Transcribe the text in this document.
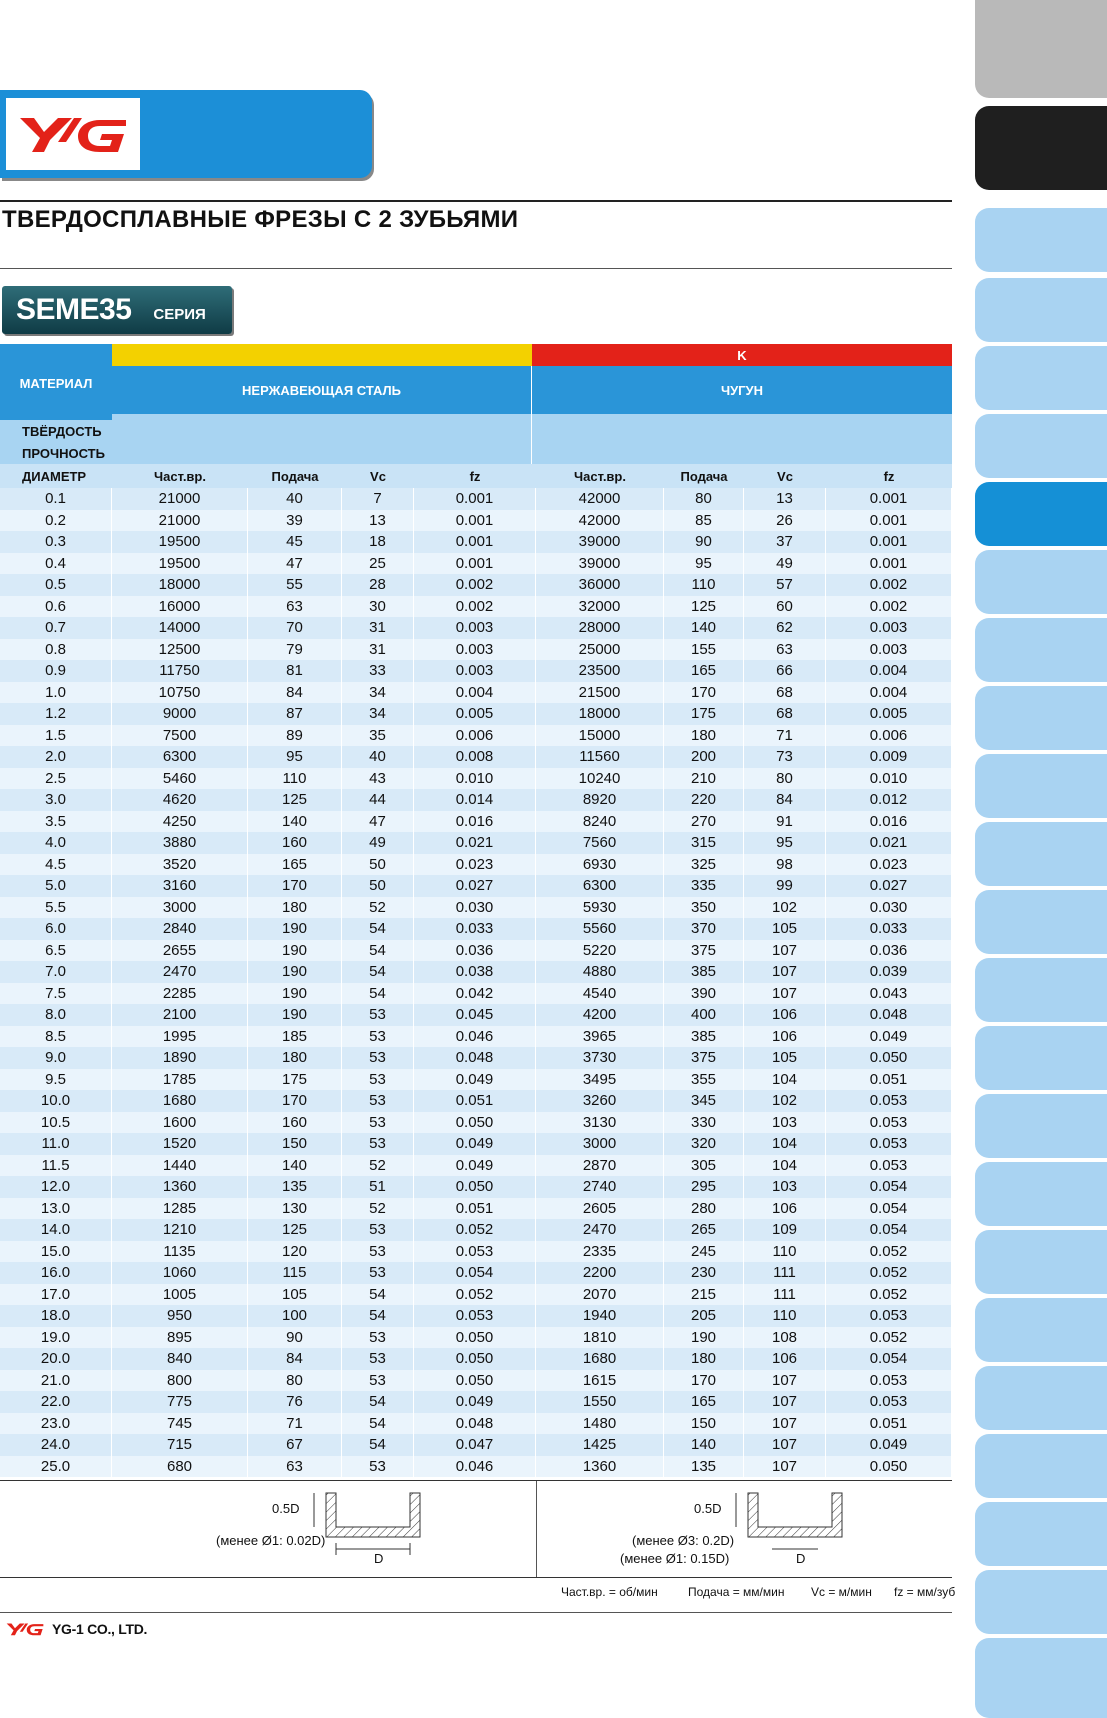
ТВЕРДОСПЛАВНЫЕ ФРЕЗЫ С 2 ЗУБЬЯМИ
SEME35 СЕРИЯ
МАТЕРИАЛ
K
НЕРЖАВЕЮЩАЯ СТАЛЬ	ЧУГУН
ТВЁРДОСТЬ
ПРОЧНОСТЬ
ДИАМЕТР	Част.вр.	Подача	Vc	fz	Част.вр.	Подача	Vc	fz
0.1	21000	40	7	0.001	42000	80	13	0.001
0.2	21000	39	13	0.001	42000	85	26	0.001
0.3	19500	45	18	0.001	39000	90	37	0.001
0.4	19500	47	25	0.001	39000	95	49	0.001
0.5	18000	55	28	0.002	36000	110	57	0.002
0.6	16000	63	30	0.002	32000	125	60	0.002
0.7	14000	70	31	0.003	28000	140	62	0.003
0.8	12500	79	31	0.003	25000	155	63	0.003
0.9	11750	81	33	0.003	23500	165	66	0.004
1.0	10750	84	34	0.004	21500	170	68	0.004
1.2	9000	87	34	0.005	18000	175	68	0.005
1.5	7500	89	35	0.006	15000	180	71	0.006
2.0	6300	95	40	0.008	11560	200	73	0.009
2.5	5460	110	43	0.010	10240	210	80	0.010
3.0	4620	125	44	0.014	8920	220	84	0.012
3.5	4250	140	47	0.016	8240	270	91	0.016
4.0	3880	160	49	0.021	7560	315	95	0.021
4.5	3520	165	50	0.023	6930	325	98	0.023
5.0	3160	170	50	0.027	6300	335	99	0.027
5.5	3000	180	52	0.030	5930	350	102	0.030
6.0	2840	190	54	0.033	5560	370	105	0.033
6.5	2655	190	54	0.036	5220	375	107	0.036
7.0	2470	190	54	0.038	4880	385	107	0.039
7.5	2285	190	54	0.042	4540	390	107	0.043
8.0	2100	190	53	0.045	4200	400	106	0.048
8.5	1995	185	53	0.046	3965	385	106	0.049
9.0	1890	180	53	0.048	3730	375	105	0.050
9.5	1785	175	53	0.049	3495	355	104	0.051
10.0	1680	170	53	0.051	3260	345	102	0.053
10.5	1600	160	53	0.050	3130	330	103	0.053
11.0	1520	150	53	0.049	3000	320	104	0.053
11.5	1440	140	52	0.049	2870	305	104	0.053
12.0	1360	135	51	0.050	2740	295	103	0.054
13.0	1285	130	52	0.051	2605	280	106	0.054
14.0	1210	125	53	0.052	2470	265	109	0.054
15.0	1135	120	53	0.053	2335	245	110	0.052
16.0	1060	115	53	0.054	2200	230	111	0.052
17.0	1005	105	54	0.052	2070	215	111	0.052
18.0	950	100	54	0.053	1940	205	110	0.053
19.0	895	90	53	0.050	1810	190	108	0.052
20.0	840	84	53	0.050	1680	180	106	0.054
21.0	800	80	53	0.050	1615	170	107	0.053
22.0	775	76	54	0.049	1550	165	107	0.053
23.0	745	71	54	0.048	1480	150	107	0.051
24.0	715	67	54	0.047	1425	140	107	0.049
25.0	680	63	53	0.046	1360	135	107	0.050
0.5D
(менее Ø1: 0.02D)
D
0.5D
(менее Ø3: 0.2D)
(менее Ø1: 0.15D)	D
Част.вр. = об/мин	Подача = мм/мин Vc = м/мин fz = мм/зуб
YG-1 CO., LTD.
